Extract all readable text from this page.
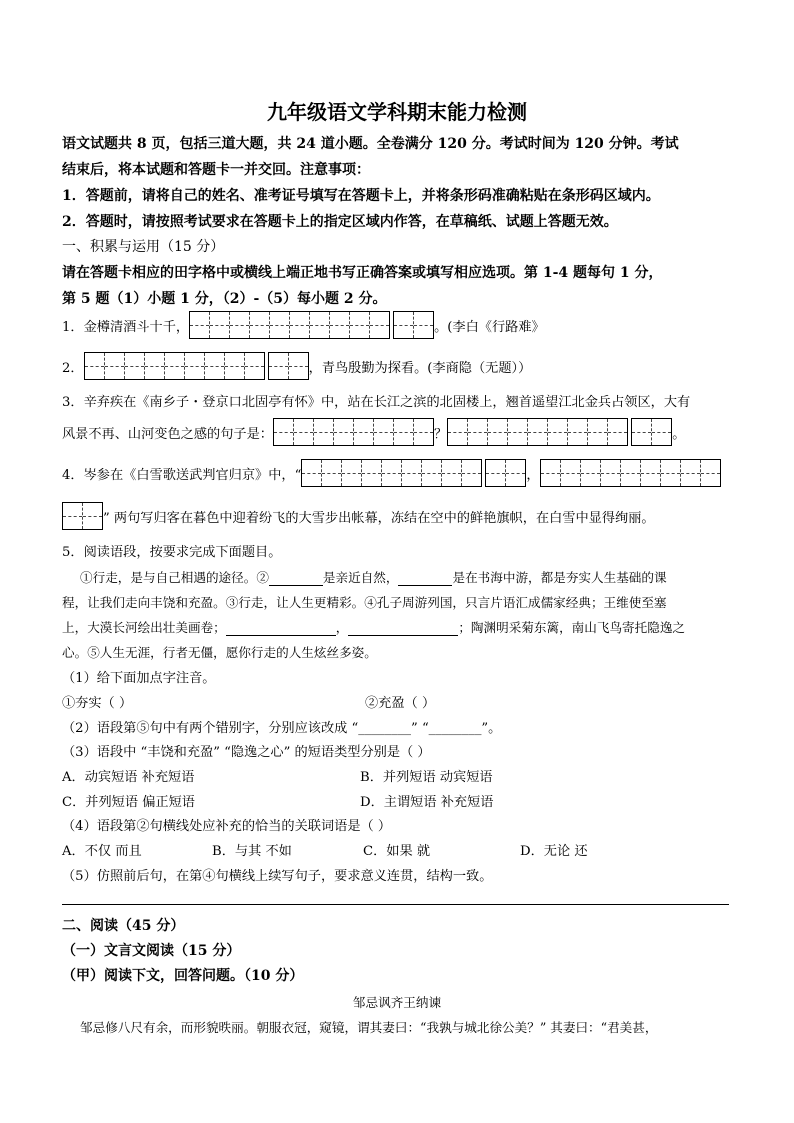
九年级语文学科期末能力检测
语文试题共 8 页，包括三道大题，共 24 道小题。全卷满分 120 分。考试时间为 120 分钟。考试
结束后，将本试题和答题卡一并交回。注意事项：
1．答题前，请将自己的姓名、准考证号填写在答题卡上，并将条形码准确粘贴在条形码区域内。
2．答题时，请按照考试要求在答题卡上的指定区域内作答，在草稿纸、试题上答题无效。
一、积累与运用（15 分）
请在答题卡相应的田字格中或横线上端正地书写正确答案或填写相应选项。第 1-4 题每句 1 分，
第 5 题（1）小题 1 分，（2）-（5）每小题 2 分。
1．金樽清酒斗十千，	。(李白《行路难》
2．	，青鸟殷勤为探看。(李商隐（无题））
3．辛弃疾在《南乡子・登京口北固亭有怀》中，站在长江之滨的北固楼上，翘首遥望江北金兵占领区，大有
风景不再、山河变色之感的句子是：	？	。
4．岑参在《白雪歌送武判官归京》中，“	，
” 两句写归客在暮色中迎着纷飞的大雪步出帐幕，冻结在空中的鲜艳旗帜，在白雪中显得绚丽。
5．阅读语段，按要求完成下面题目。
①行走，是与自己相遇的途径。②	是亲近自然，	是在书海中游，都是夯实人生基础的课
程，让我们走向丰饶和充盈。③行走，让人生更精彩。④孔子周游列国，只言片语汇成儒家经典；王维使至塞
上，大漠长河绘出壮美画卷；	，	；陶渊明采菊东篱，南山飞鸟寄托隐逸之
心。⑤人生无涯，行者无僵，愿你行走的人生炫丝多姿。
（1）给下面加点字注音。
①夯实（ ）	②充盈（ ）
（2）语段第⑤句中有两个错别字，分别应该改成 “________” “________”。
（3）语段中 “丰饶和充盈” “隐逸之心” 的短语类型分别是（ ）
A．动宾短语 补充短语	B．并列短语 动宾短语
C．并列短语 偏正短语	D．主谓短语 补充短语
（4）语段第②句横线处应补充的恰当的关联词语是（ ）
A．不仅 而且	B．与其 不如	C．如果 就	D．无论 还
（5）仿照前后句，在第④句横线上续写句子，要求意义连贯，结构一致。
二、阅读（45 分）
（一）文言文阅读（15 分）
（甲）阅读下文，回答问题。（10 分）
邹忌讽齐王纳谏
邹忌修八尺有余，而形貌昳丽。朝服衣冠，窥镜，谓其妻曰：“我孰与城北徐公美？” 其妻曰：“君美甚，
